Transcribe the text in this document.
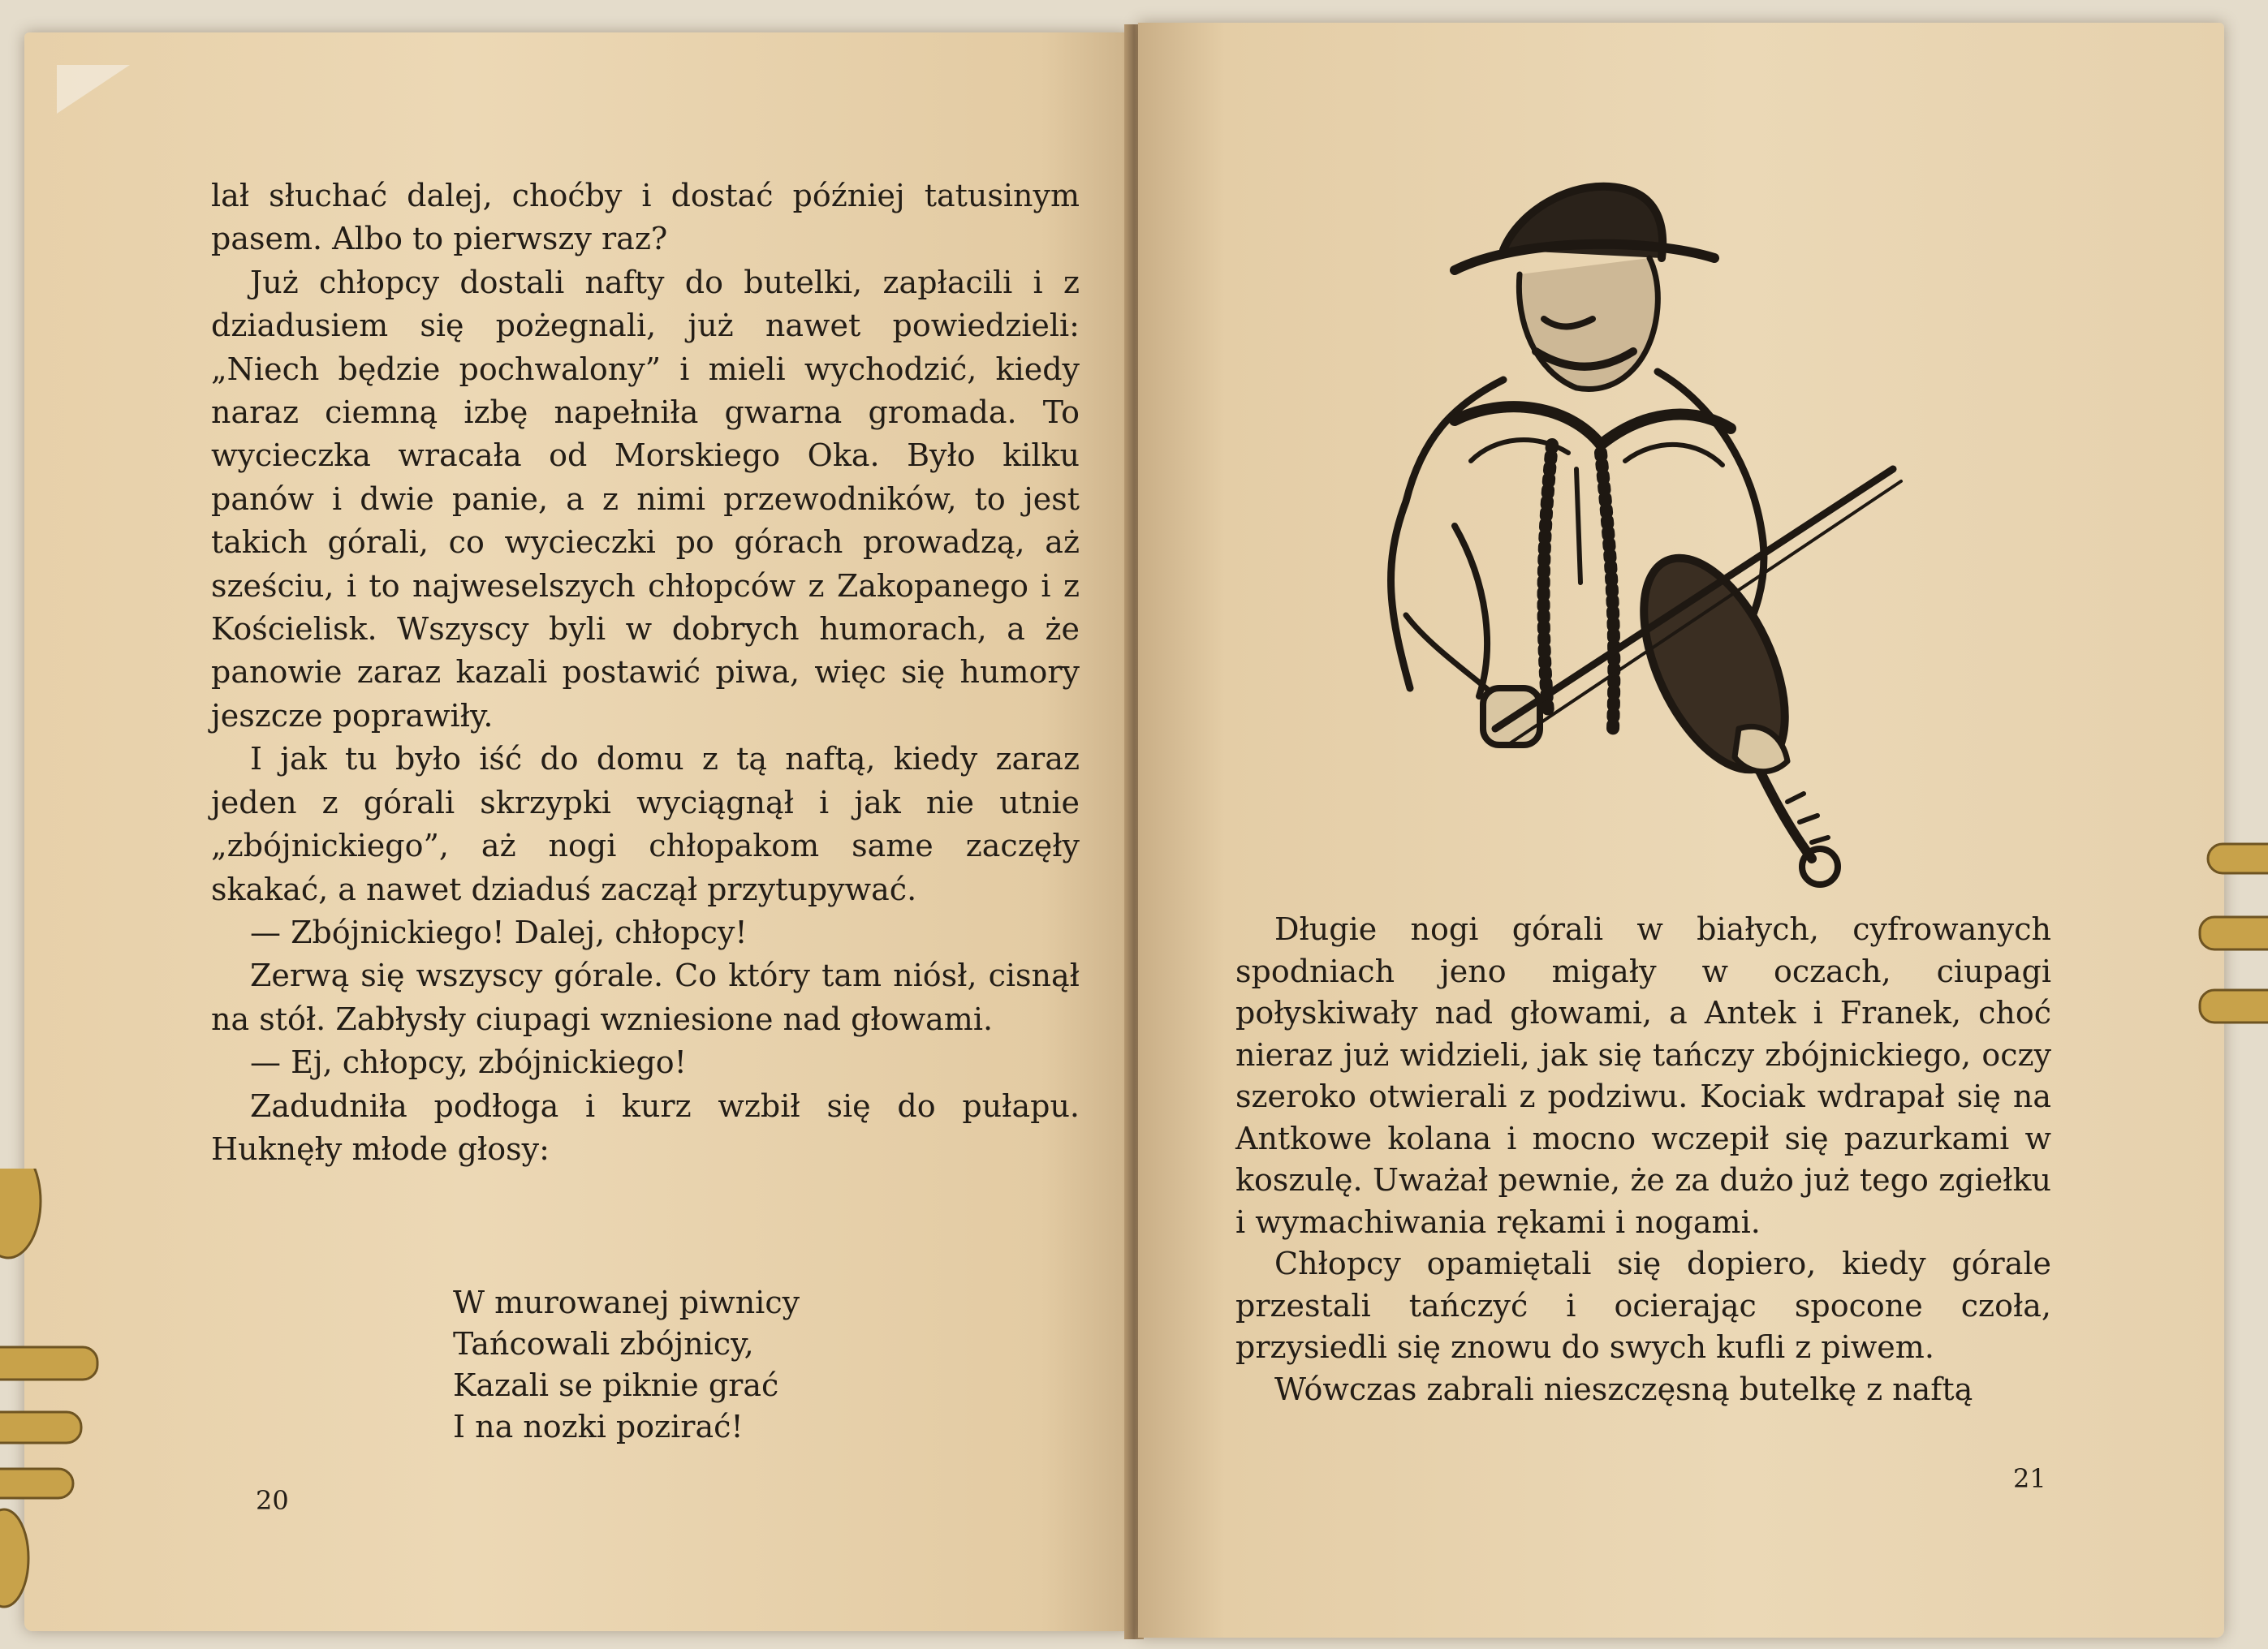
lał słuchać dalej, choćby i dostać później tatusinym pasem. Albo to pierwszy raz?

Już chłopcy dostali nafty do butelki, zapłacili i z dziadusiem się pożegnali, już nawet powiedzieli: „Niech będzie pochwalony” i mieli wychodzić, kiedy naraz ciemną izbę napełniła gwarna gromada. To wycieczka wracała od Morskiego Oka. Było kilku panów i dwie panie, a z nimi przewodników, to jest takich górali, co wycieczki po górach prowadzą, aż sześciu, i to najweselszych chłopców z Zakopanego i z Kościelisk. Wszyscy byli w dobrych humorach, a że panowie zaraz kazali postawić piwa, więc się humory jeszcze poprawiły.

I jak tu było iść do domu z tą naftą, kiedy zaraz jeden z górali skrzypki wyciągnął i jak nie utnie „zbójnickiego”, aż nogi chłopakom same zaczęły skakać, a nawet dziaduś zaczął przytupywać.

— Zbójnickiego! Dalej, chłopcy!

Zerwą się wszyscy górale. Co który tam niósł, cisnął na stół. Zabłysły ciupagi wzniesione nad głowami.

— Ej, chłopcy, zbójnickiego!

Zadudniła podłoga i kurz wzbił się do pułapu. Huknęły młode głosy:

W murowanej piwnicy
Tańcowali zbójnicy,
Kazali se piknie grać
I na nozki pozirać!
20

Długie nogi górali w białych, cyfrowanych spodniach jeno migały w oczach, ciupagi połyskiwały nad głowami, a Antek i Franek, choć nieraz już widzieli, jak się tańczy zbójnickiego, oczy szeroko otwierali z podziwu. Kociak wdrapał się na Antkowe kolana i mocno wczepił się pazurkami w koszulę. Uważał pewnie, że za dużo już tego zgiełku i wymachiwania rękami i nogami.

Chłopcy opamiętali się dopiero, kiedy górale przestali tańczyć i ocierając spocone czoła, przysiedli się znowu do swych kufli z piwem.

Wówczas zabrali nieszczęsną butelkę z naftą

21
